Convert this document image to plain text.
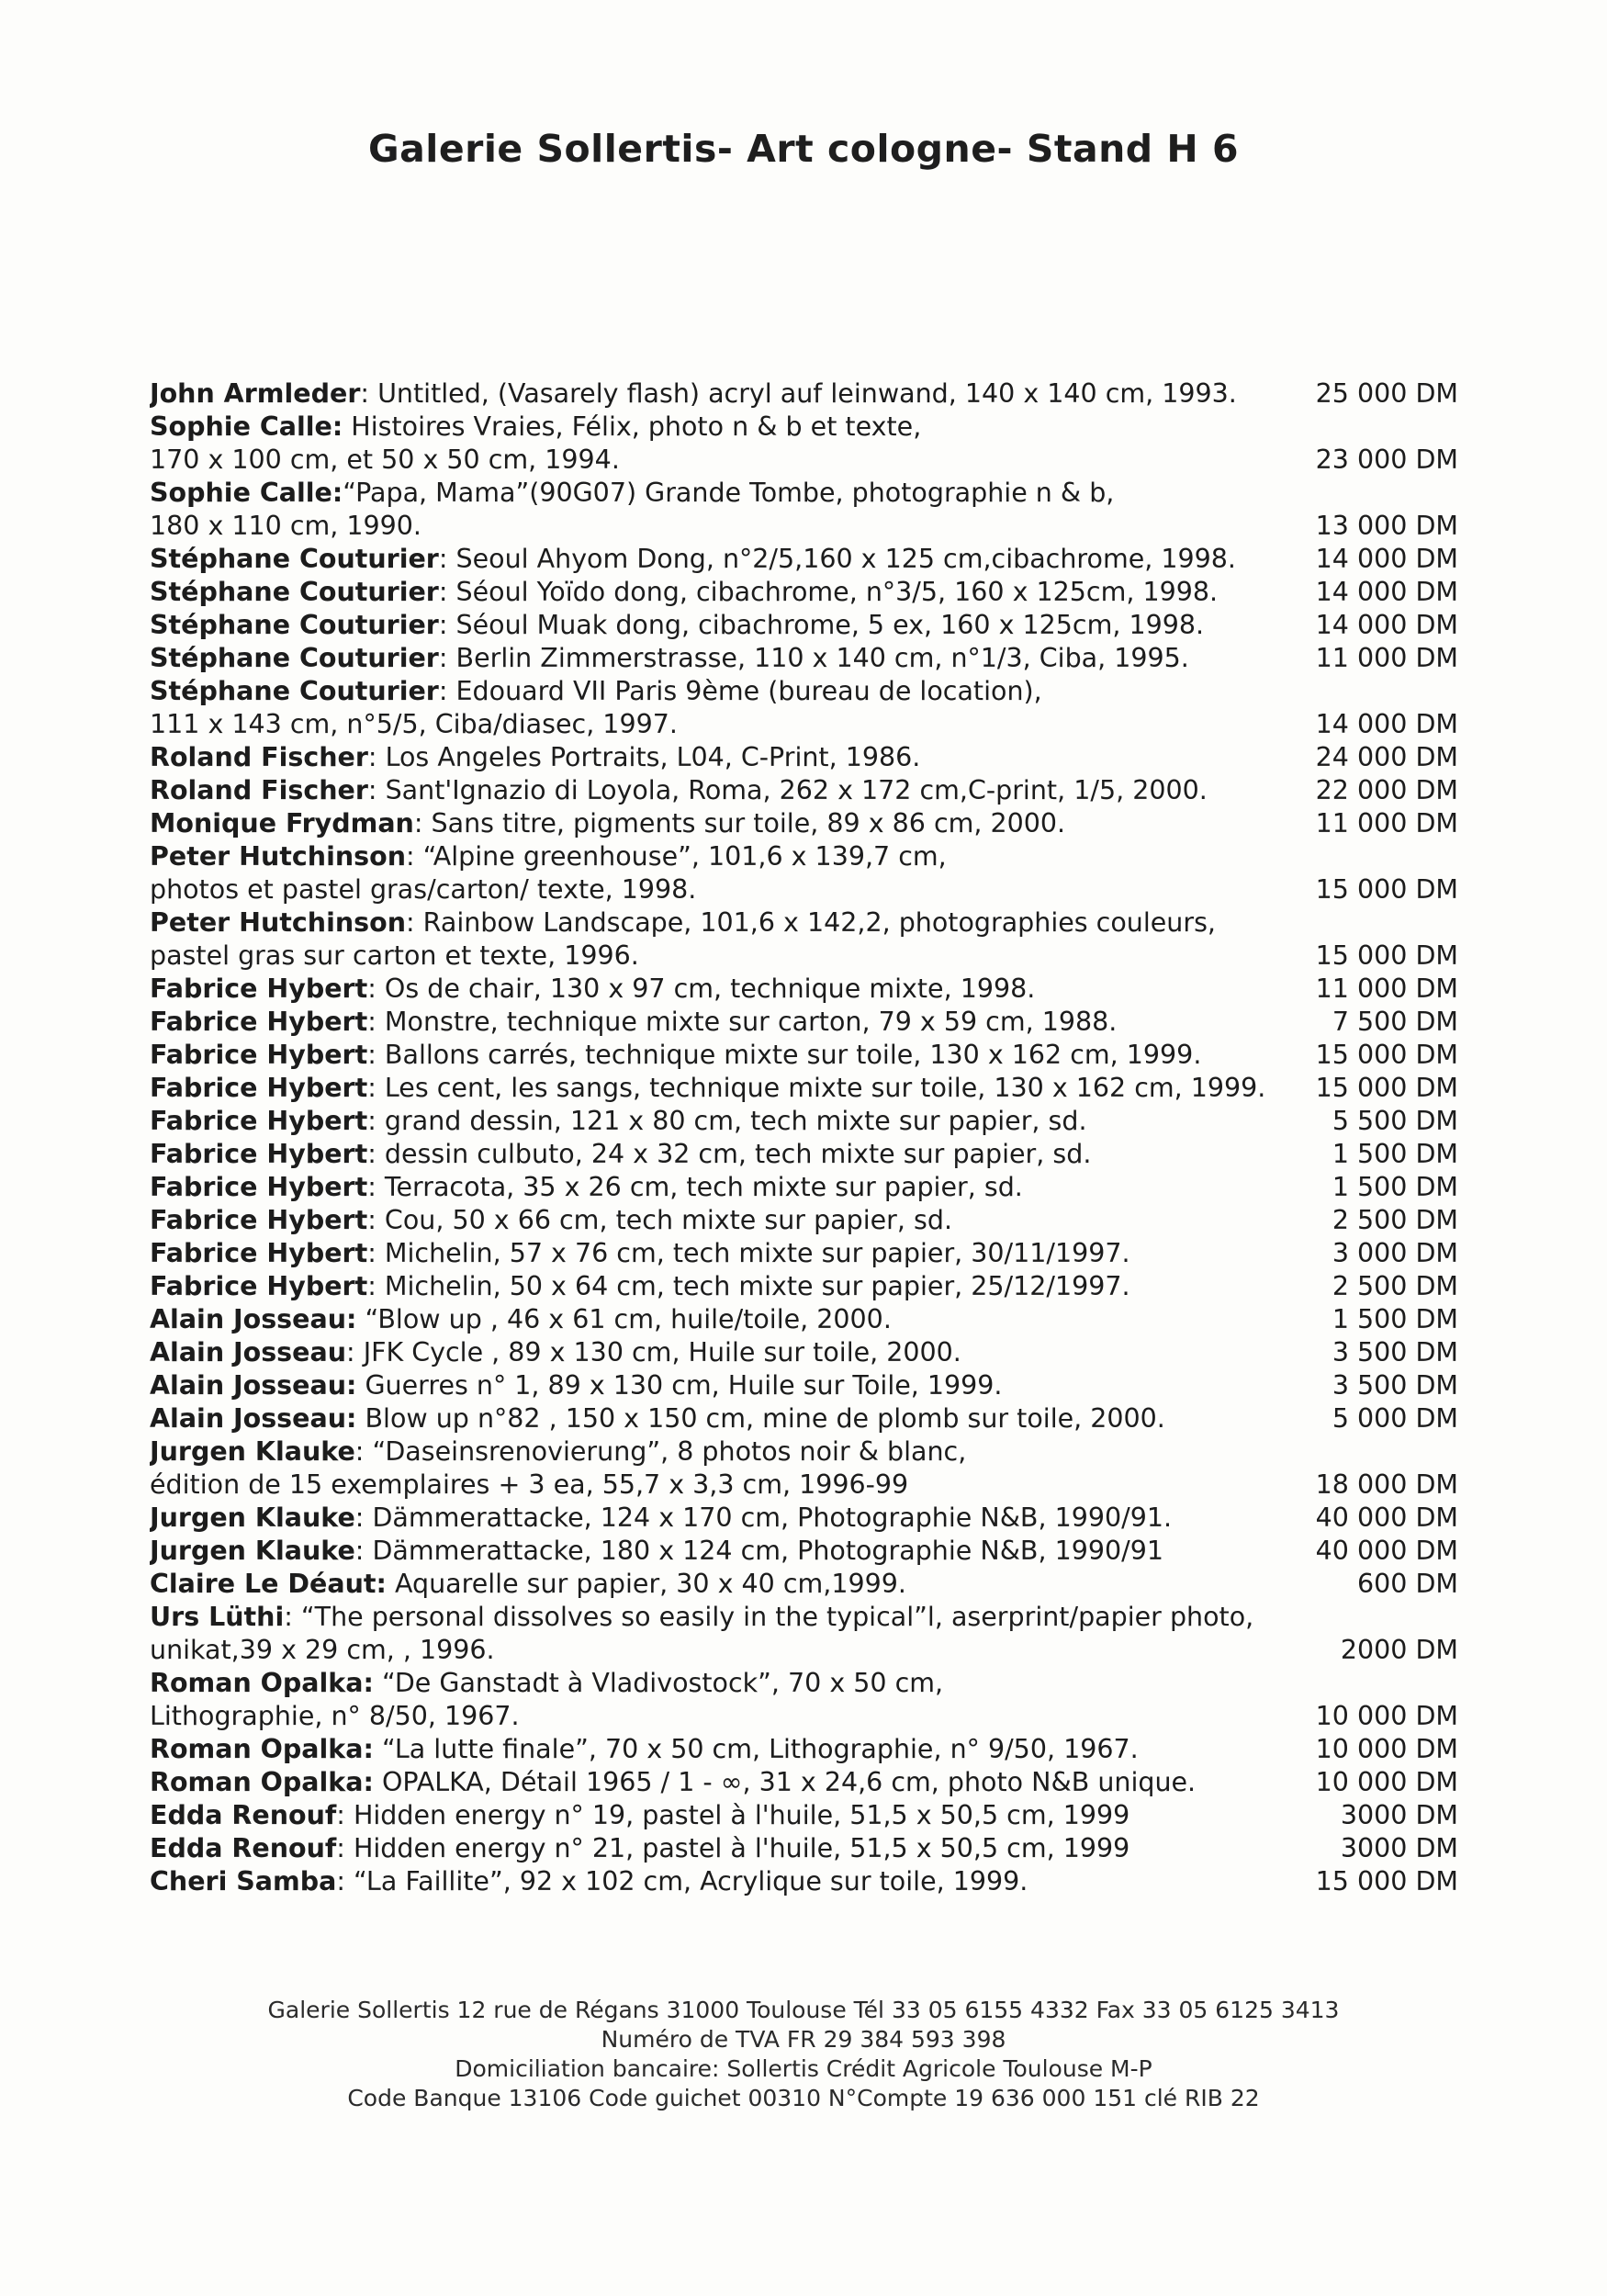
Galerie Sollertis- Art cologne- Stand H 6
John Armleder: Untitled, (Vasarely flash) acryl auf leinwand, 140 x 140 cm, 1993.	25 000 DM
Sophie Calle: Histoires Vraies, Félix, photo n & b et texte,
170 x 100 cm, et 50 x 50 cm, 1994.	23 000 DM
Sophie Calle:“Papa, Mama”(90G07) Grande Tombe, photographie n & b,
180 x 110 cm, 1990.	13 000 DM
Stéphane Couturier: Seoul Ahyom Dong, n°2/5,160 x 125 cm,cibachrome, 1998.	14 000 DM
Stéphane Couturier: Séoul Yoïdo dong, cibachrome, n°3/5, 160 x 125cm, 1998.	14 000 DM
Stéphane Couturier: Séoul Muak dong, cibachrome, 5 ex, 160 x 125cm, 1998.	14 000 DM
Stéphane Couturier: Berlin Zimmerstrasse, 110 x 140 cm, n°1/3, Ciba, 1995.	11 000 DM
Stéphane Couturier: Edouard VII Paris 9ème (bureau de location),
111 x 143 cm, n°5/5, Ciba/diasec, 1997.	14 000 DM
Roland Fischer: Los Angeles Portraits, L04, C-Print, 1986.	24 000 DM
Roland Fischer: Sant'Ignazio di Loyola, Roma, 262 x 172 cm,C-print, 1/5, 2000.	22 000 DM
Monique Frydman: Sans titre, pigments sur toile, 89 x 86 cm, 2000.	11 000 DM
Peter Hutchinson: “Alpine greenhouse”, 101,6 x 139,7 cm,
photos et pastel gras/carton/ texte, 1998.	15 000 DM
Peter Hutchinson: Rainbow Landscape, 101,6 x 142,2, photographies couleurs,
pastel gras sur carton et texte, 1996.	15 000 DM
Fabrice Hybert: Os de chair, 130 x 97 cm, technique mixte, 1998.	11 000 DM
Fabrice Hybert: Monstre, technique mixte sur carton, 79 x 59 cm, 1988.	7 500 DM
Fabrice Hybert: Ballons carrés, technique mixte sur toile, 130 x 162 cm, 1999.	15 000 DM
Fabrice Hybert: Les cent, les sangs, technique mixte sur toile, 130 x 162 cm, 1999.	15 000 DM
Fabrice Hybert: grand dessin, 121 x 80 cm, tech mixte sur papier, sd.	5 500 DM
Fabrice Hybert: dessin culbuto, 24 x 32 cm, tech mixte sur papier, sd.	1 500 DM
Fabrice Hybert: Terracota, 35 x 26 cm, tech mixte sur papier, sd.	1 500 DM
Fabrice Hybert: Cou, 50 x 66 cm, tech mixte sur papier, sd.	2 500 DM
Fabrice Hybert: Michelin, 57 x 76 cm, tech mixte sur papier, 30/11/1997.	3 000 DM
Fabrice Hybert: Michelin, 50 x 64 cm, tech mixte sur papier, 25/12/1997.	2 500 DM
Alain Josseau: “Blow up , 46 x 61 cm, huile/toile, 2000.	1 500 DM
Alain Josseau: JFK Cycle , 89 x 130 cm, Huile sur toile, 2000.	3 500 DM
Alain Josseau: Guerres n° 1, 89 x 130 cm, Huile sur Toile, 1999.	3 500 DM
Alain Josseau: Blow up n°82 , 150 x 150 cm, mine de plomb sur toile, 2000.	5 000 DM
Jurgen Klauke: “Daseinsrenovierung”, 8 photos noir & blanc,
édition de 15 exemplaires + 3 ea, 55,7 x 3,3 cm, 1996-99	18 000 DM
Jurgen Klauke: Dämmerattacke, 124 x 170 cm, Photographie N&B, 1990/91.	40 000 DM
Jurgen Klauke: Dämmerattacke, 180 x 124 cm, Photographie N&B, 1990/91	40 000 DM
Claire Le Déaut: Aquarelle sur papier, 30 x 40 cm,1999.	600 DM
Urs Lüthi: “The personal dissolves so easily in the typical”l, aserprint/papier photo,
unikat,39 x 29 cm, , 1996.	2000 DM
Roman Opalka: “De Ganstadt à Vladivostock”, 70 x 50 cm,
Lithographie, n° 8/50, 1967.	10 000 DM
Roman Opalka: “La lutte finale”, 70 x 50 cm, Lithographie, n° 9/50, 1967.	10 000 DM
Roman Opalka: OPALKA, Détail 1965 / 1 - ∞, 31 x 24,6 cm, photo N&B unique.	10 000 DM
Edda Renouf: Hidden energy n° 19, pastel à l'huile, 51,5 x 50,5 cm, 1999	3000 DM
Edda Renouf: Hidden energy n° 21, pastel à l'huile, 51,5 x 50,5 cm, 1999	3000 DM
Cheri Samba: “La Faillite”, 92 x 102 cm, Acrylique sur toile, 1999.	15 000 DM
Galerie Sollertis 12 rue de Régans 31000 Toulouse Tél 33 05 6155 4332 Fax 33 05 6125 3413
Numéro de TVA FR 29 384 593 398
Domiciliation bancaire: Sollertis Crédit Agricole Toulouse M-P
Code Banque 13106 Code guichet 00310 N°Compte 19 636 000 151 clé RIB 22
